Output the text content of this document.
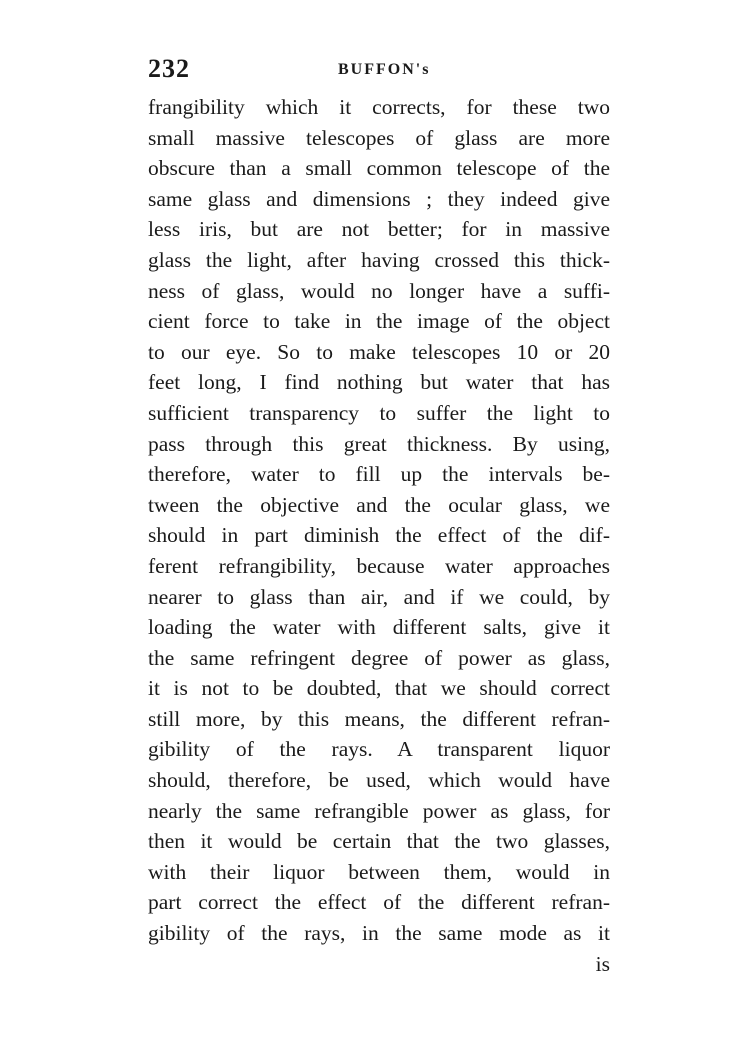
232	BUFFON's
frangibility which it corrects, for these two
small massive telescopes of glass are more
obscure than a small common telescope of the
same glass and dimensions ; they indeed give
less iris, but are not better; for in massive
glass the light, after having crossed this thick-
ness of glass, would no longer have a suffi-
cient force to take in the image of the object
to our eye. So to make telescopes 10 or 20
feet long, I find nothing but water that has
sufficient transparency to suffer the light to
pass through this great thickness. By using,
therefore, water to fill up the intervals be-
tween the objective and the ocular glass, we
should in part diminish the effect of the dif-
ferent refrangibility, because water approaches
nearer to glass than air, and if we could, by
loading the water with different salts, give it
the same refringent degree of power as glass,
it is not to be doubted, that we should correct
still more, by this means, the different refran-
gibility of the rays. A transparent liquor
should, therefore, be used, which would have
nearly the same refrangible power as glass, for
then it would be certain that the two glasses,
with their liquor between them, would in
part correct the effect of the different refran-
gibility of the rays, in the same mode as it
is
